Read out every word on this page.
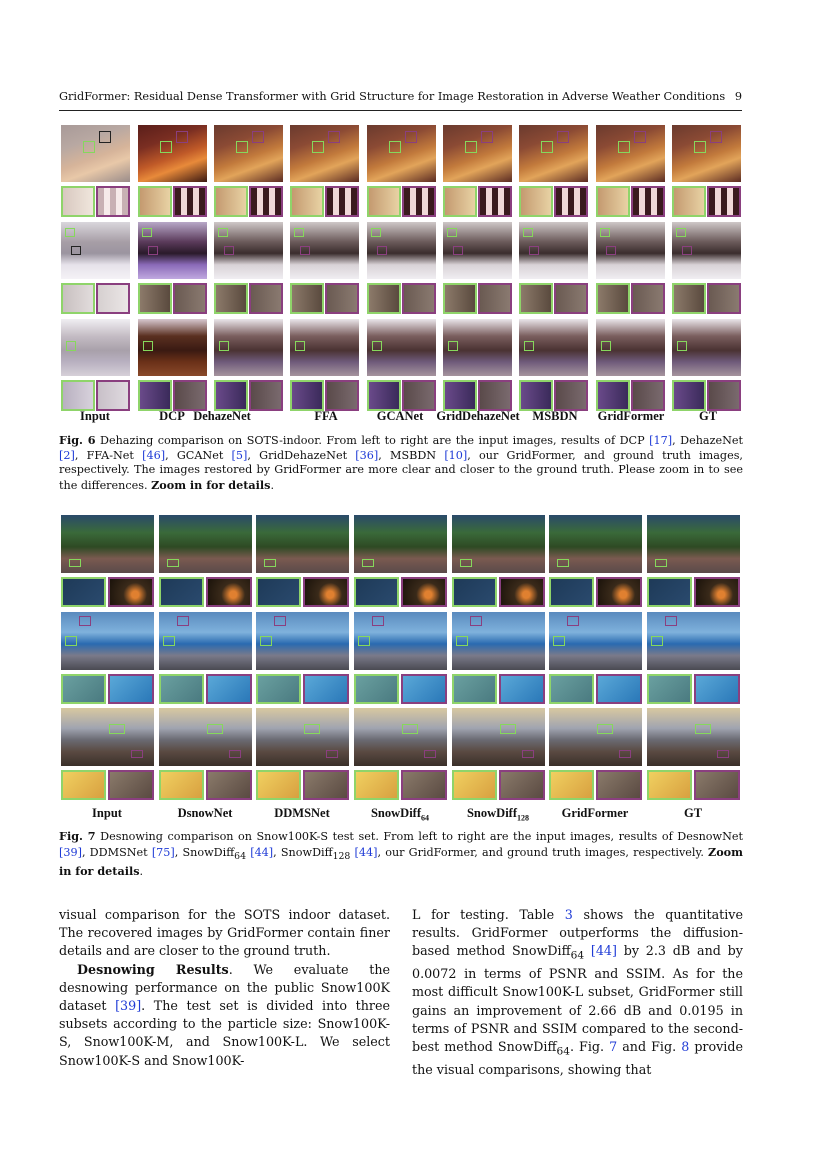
GridFormer: Residual Dense Transformer with Grid Structure for Image Restoration in Adverse Weather Conditions 9
Input	DCP DehazeNet	FFA	GCANet	GridDehazeNet	MSBDN	GridFormer	GT
Fig. 6 Dehazing comparison on SOTS-indoor. From left to right are the input images, results of DCP [17], DehazeNet [2], FFA-Net [46], GCANet [5], GridDehazeNet [36], MSBDN [10], our GridFormer, and ground truth images, respectively. The images restored by GridFormer are more clear and closer to the ground truth. Please zoom in to see the differences. Zoom in for details.
Input	DsnowNet	DDMSNet	SnowDiff$_{64}$	SnowDiff$_{128}$	GridFormer	GT
Fig. 7 Desnowing comparison on Snow100K-S test set. From left to right are the input images, results of DesnowNet [39], DDMSNet [75], SnowDiff$_{64}$ [44], SnowDiff$_{128}$ [44], our GridFormer, and ground truth images, respectively. Zoom in for details.
visual comparison for the SOTS indoor dataset. The recovered images by GridFormer contain finer details and are closer to the ground truth.
Desnowing Results. We evaluate the desnowing performance on the public Snow100K dataset [39]. The test set is divided into three subsets according to the particle size: Snow100K-S, Snow100K-M, and Snow100K-L. We select Snow100K-S and Snow100K-
L for testing. Table 3 shows the quantitative results. GridFormer outperforms the diffusion-based method SnowDiff$_{64}$ [44] by 2.3 dB and by 0.0072 in terms of PSNR and SSIM. As for the most difficult Snow100K-L subset, GridFormer still gains an improvement of 2.66 dB and 0.0195 in terms of PSNR and SSIM compared to the second-best method SnowDiff$_{64}$. Fig. 7 and Fig. 8 provide the visual comparisons, showing that
